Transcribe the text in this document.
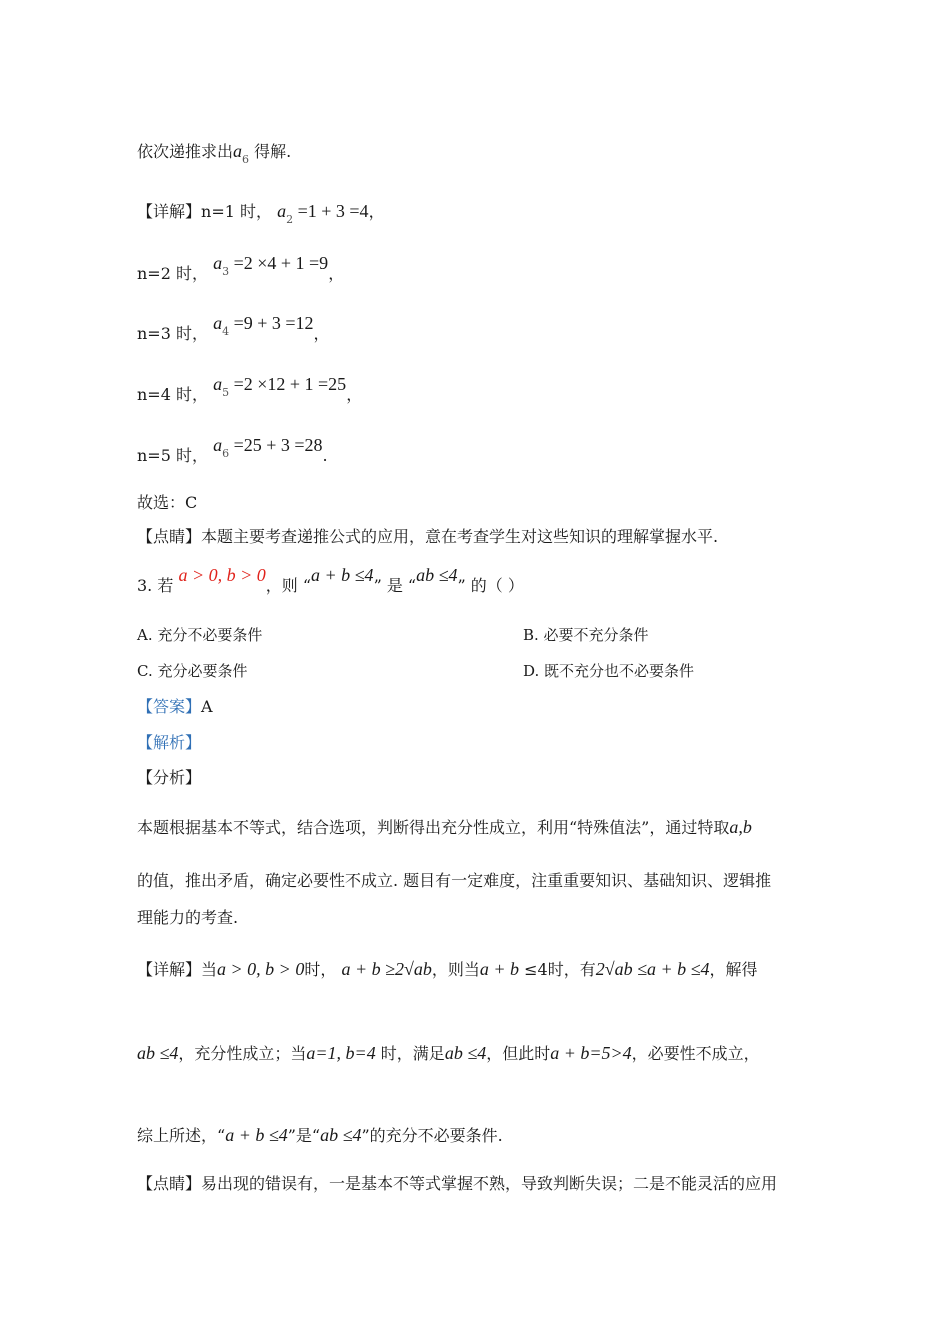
依次递推求出$a_6$ 得解.
【详解】n=1 时， $a_2 =1 + 3 =4$，
n=2 时， $a_3 =2 \times 4 + 1 =9$，
n=3 时， $a_4 =9 + 3 =12$，
n=4 时， $a_5 =2 \times 12 + 1 =25$，
n=5 时， $a_6 =25 + 3 =28$.
故选：C
【点睛】本题主要考查递推公式的应用，意在考查学生对这些知识的理解掌握水平.
3. 若 a > 0, b > 0，则 “a + b ≤4” 是 “ab ≤4” 的（ ）
A. 充分不必要条件	B. 必要不充分条件
C. 充分必要条件	D. 既不充分也不必要条件
【答案】A
【解析】
【分析】
本题根据基本不等式，结合选项，判断得出充分性成立，利用“特殊值法”，通过特取a,b
的值，推出矛盾，确定必要性不成立. 题目有一定难度，注重重要知识、基础知识、逻辑推
理能力的考查.
【详解】当a > 0, b > 0时， a + b ≥2√ab，则当a + b ≤4时，有2√ab ≤a + b ≤4，解得
ab ≤4，充分性成立；当a=1, b=4 时，满足ab ≤4，但此时a + b=5>4，必要性不成立，
综上所述，“a + b ≤4”是“ab ≤4”的充分不必要条件.
【点睛】易出现的错误有，一是基本不等式掌握不熟，导致判断失误；二是不能灵活的应用
